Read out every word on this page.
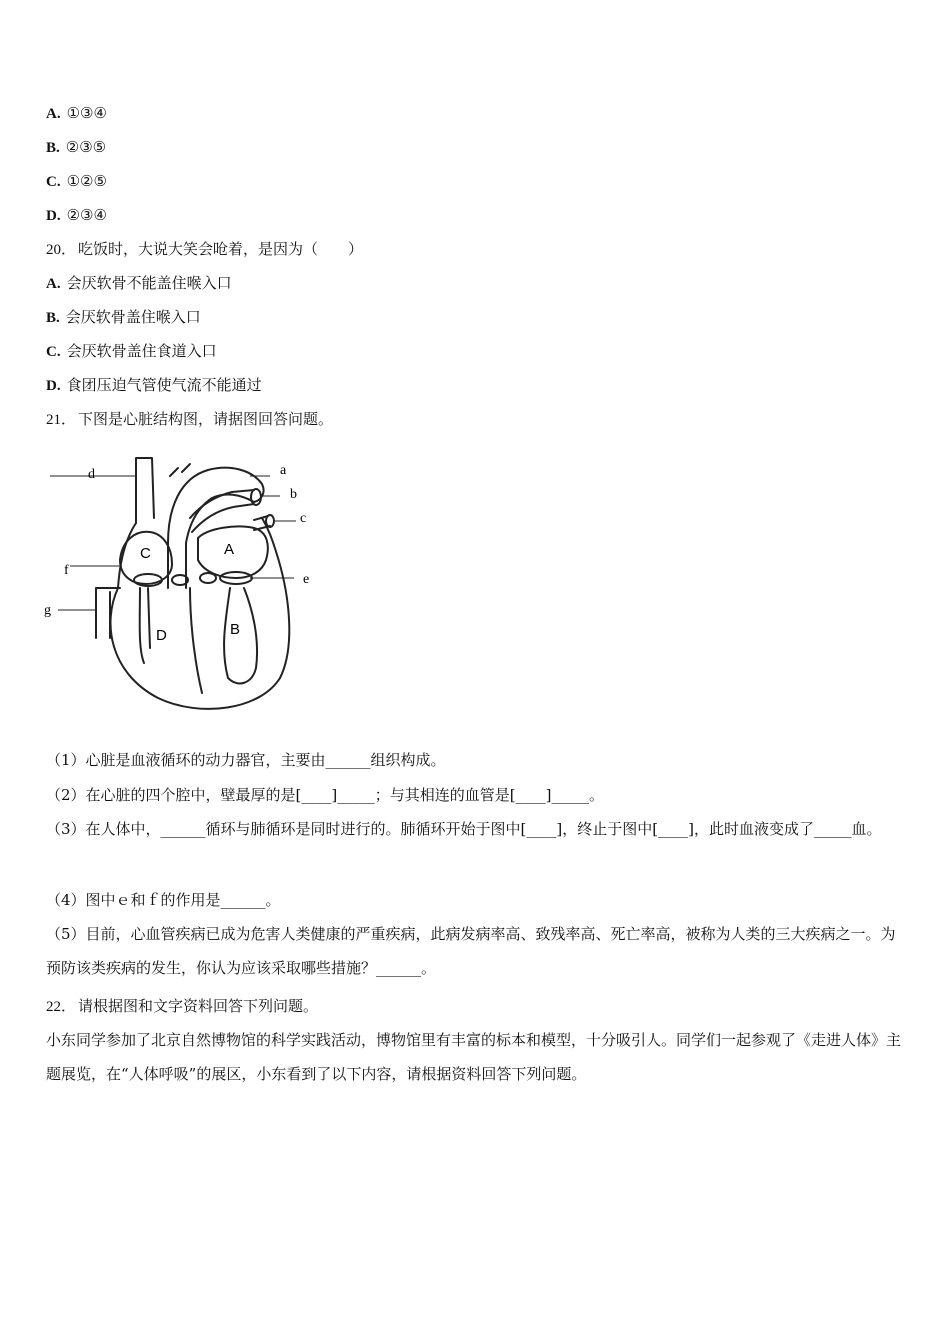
A. ①③④
B. ②③⑤
C. ①②⑤
D. ②③④
20． 吃饭时，大说大笑会呛着，是因为（　　）
A. 会厌软骨不能盖住喉入口
B. 会厌软骨盖住喉入口
C. 会厌软骨盖住食道入口
D. 食团压迫气管使气流不能通过
21． 下图是心脏结构图，请据图回答问题。
d	a
b
c
f
e
g
C	A
D	B
（1）心脏是血液循环的动力器官，主要由______组织构成。
（2）在心脏的四个腔中，壁最厚的是[____]_____；与其相连的血管是[____]_____。
（3）在人体中，______循环与肺循环是同时进行的。肺循环开始于图中[____]，终止于图中[____]，此时血液变成了_____血。
（4）图中ｅ和ｆ的作用是______。
（5）目前，心血管疾病已成为危害人类健康的严重疾病，此病发病率高、致残率高、死亡率高，被称为人类的三大疾病之一。为预防该类疾病的发生，你认为应该采取哪些措施？______。
22． 请根据图和文字资料回答下列问题。
小东同学参加了北京自然博物馆的科学实践活动，博物馆里有丰富的标本和模型，十分吸引人。同学们一起参观了《走进人体》主题展览，在“人体呼吸”的展区，小东看到了以下内容，请根据资料回答下列问题。
